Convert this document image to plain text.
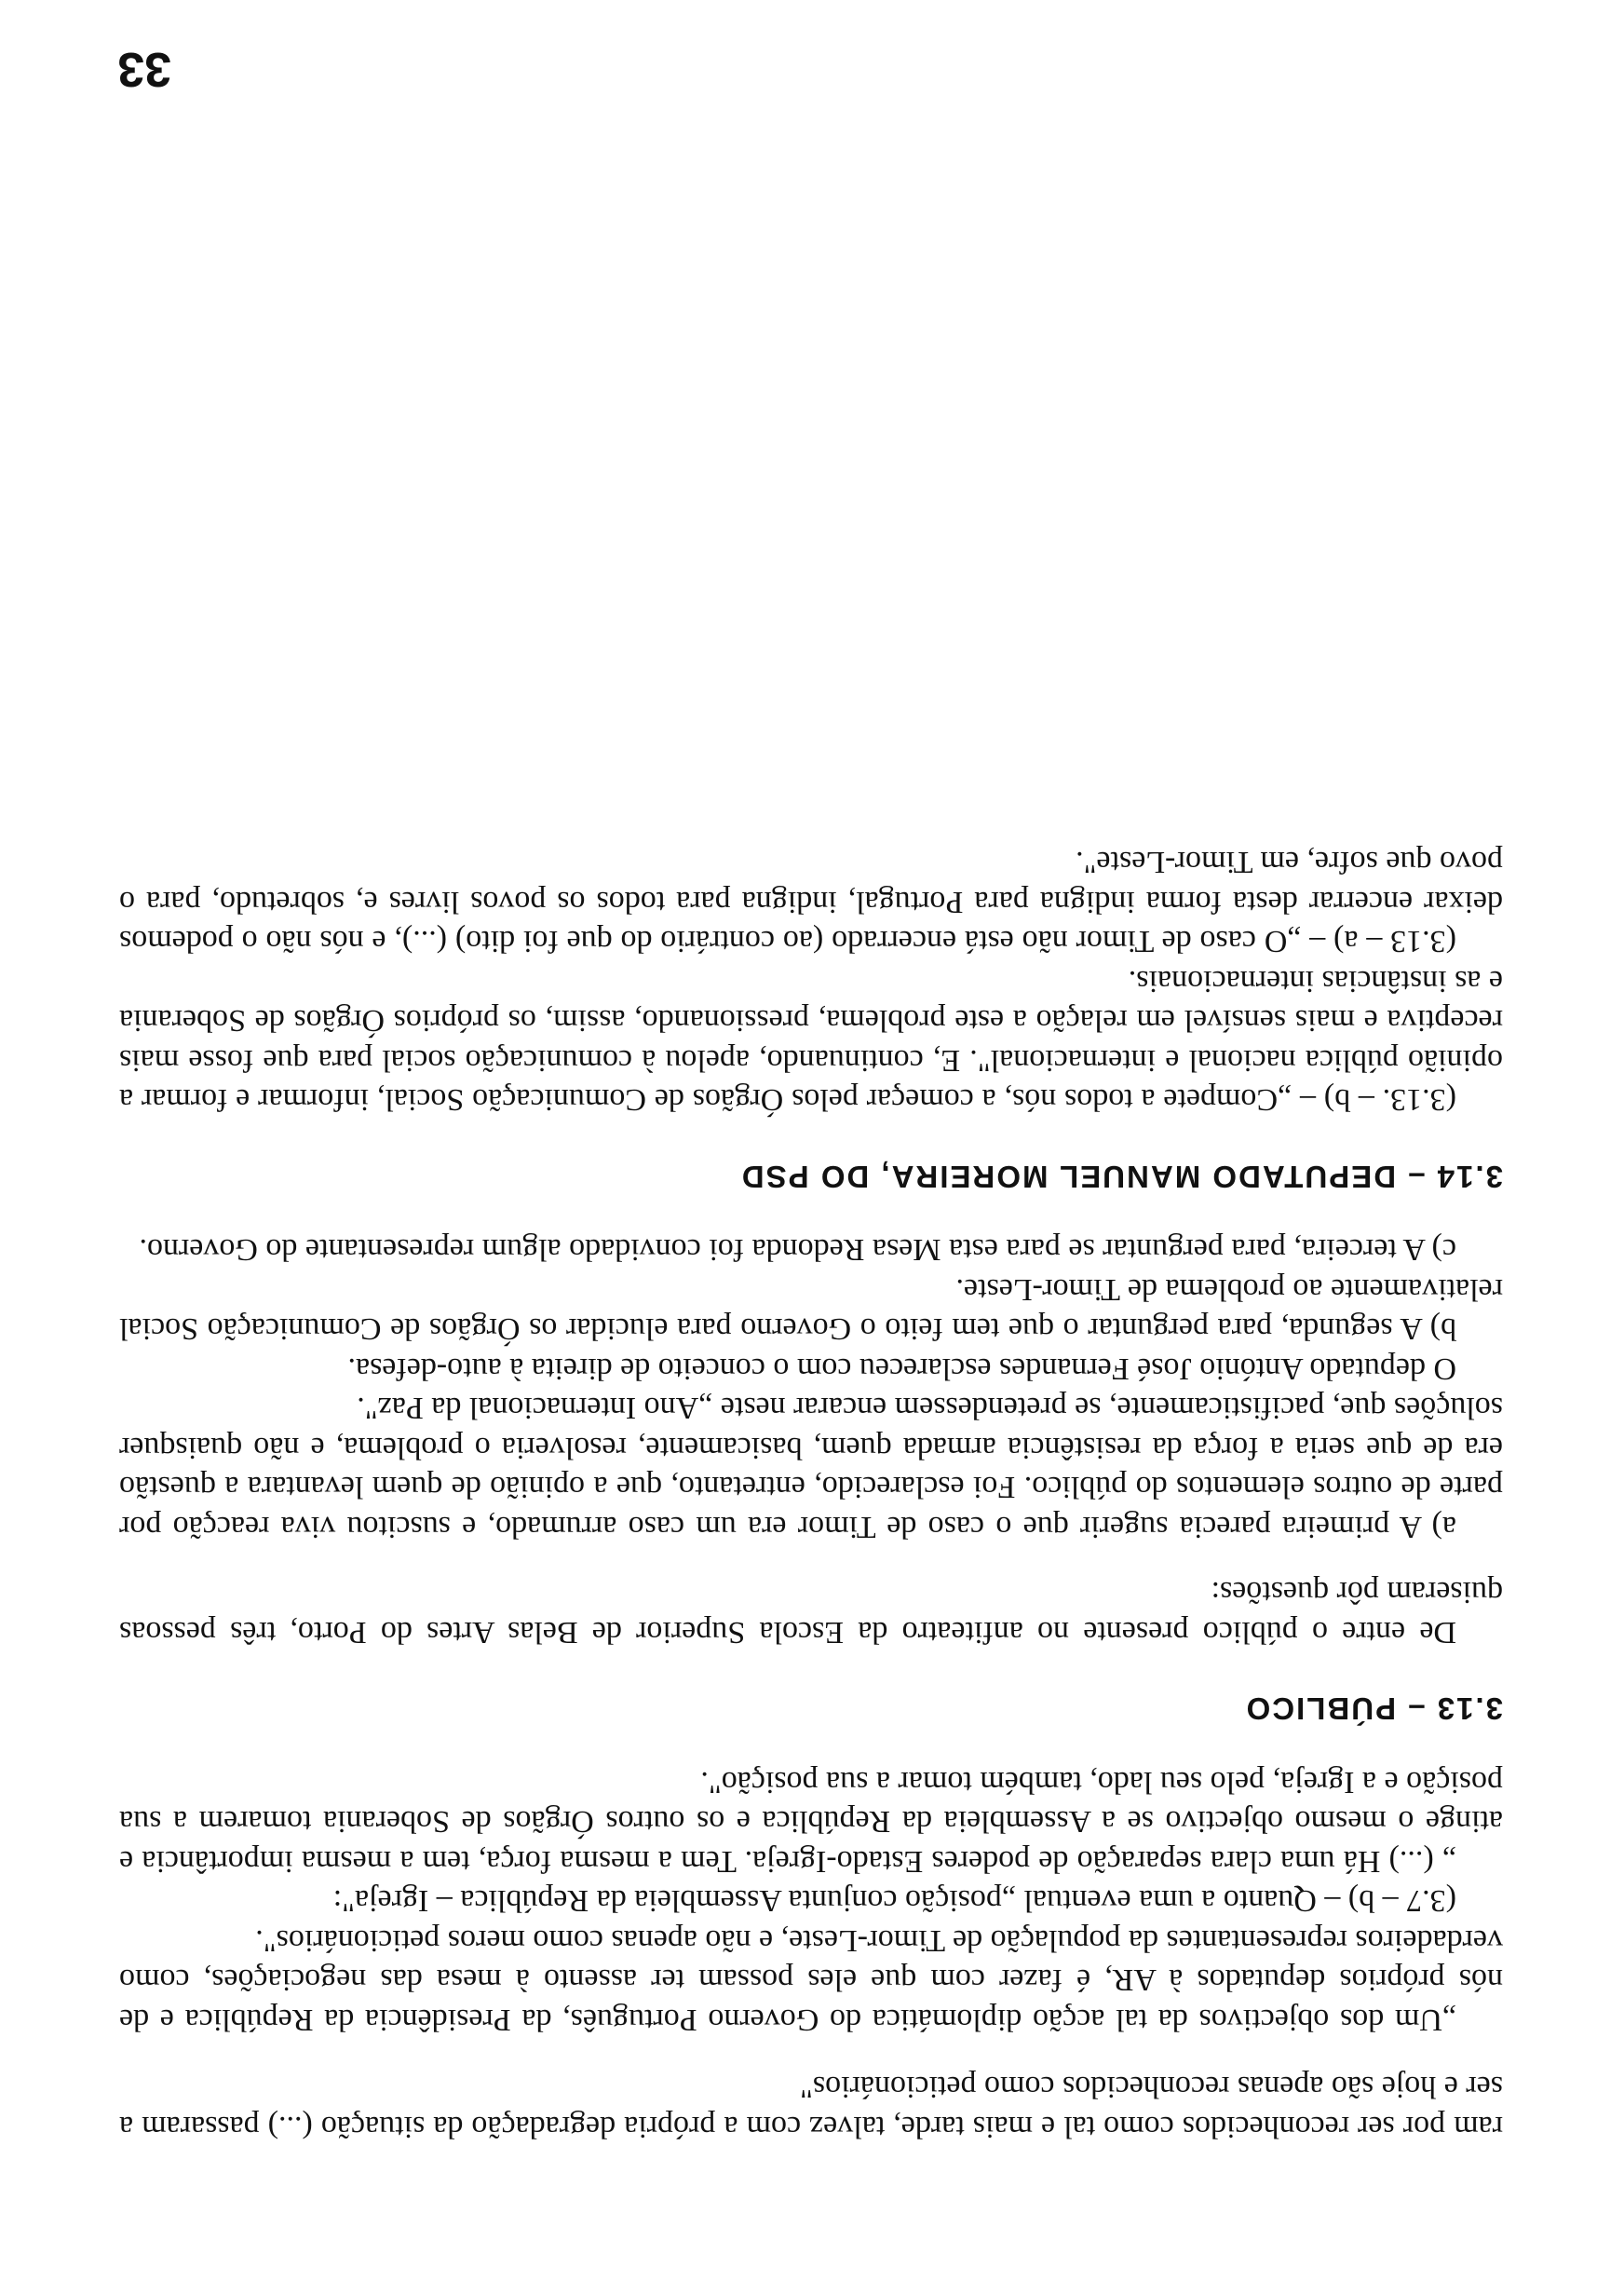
ram por ser reconhecidos como tal e mais tarde, talvez com a própria degradação da situação (...) passaram a ser e hoje são apenas reconhecidos como peticionários"

„Um dos objectivos da tal acção diplomática do Governo Português, da Presidência da República e de nós próprios deputados à AR, é fazer com que eles possam ter assento à mesa das negociações, como verdadeiros representantes da população de Timor-Leste, e não apenas como meros peticionários".

(3.7 – b) – Quanto a uma eventual „posição conjunta Assembleia da República – Igreja":

„ (...) Há uma clara separação de poderes Estado-Igreja. Tem a mesma força, tem a mesma importância e atinge o mesmo objectivo se a Assembleia da República e os outros Órgãos de Soberania tomarem a sua posição e a Igreja, pelo seu lado, também tomar a sua posição".

3.13 – PÚBLICO

De entre o público presente no anfiteatro da Escola Superior de Belas Artes do Porto, três pessoas quiseram pôr questões:

a) A primeira parecia sugerir que o caso de Timor era um caso arrumado, e suscitou viva reacção por parte de outros elementos do público. Foi esclarecido, entretanto, que a opinião de quem levantara a questão era de que seria a força da resistência armada quem, basicamente, resolveria o problema, e não quaisquer soluções que, pacifisticamente, se pretendessem encarar neste „Ano Internacional da Paz".

O deputado António José Fernandes esclareceu com o conceito de direita à auto-defesa.

b) A segunda, para perguntar o que tem feito o Governo para elucidar os Órgãos de Comunicação Social relativamente ao problema de Timor-Leste.

c) A terceira, para perguntar se para esta Mesa Redonda foi convidado algum representante do Governo.

3.14 – DEPUTADO MANUEL MOREIRA, DO PSD

(3.13. – b) – „Compete a todos nós, a começar pelos Órgãos de Comunicação Social, informar e formar a opinião pública nacional e internacional". E, continuando, apelou à comunicação social para que fosse mais receptiva e mais sensível em relação a este problema, pressionando, assim, os próprios Órgãos de Soberania e as instâncias internacionais.

(3.13 – a) – „O caso de Timor não está encerrado (ao contrário do que foi dito) (...), e nós não o podemos deixar encerrar desta forma indigna para Portugal, indigna para todos os povos livres e, sobretudo, para o povo que sofre, em Timor-Leste".

33
